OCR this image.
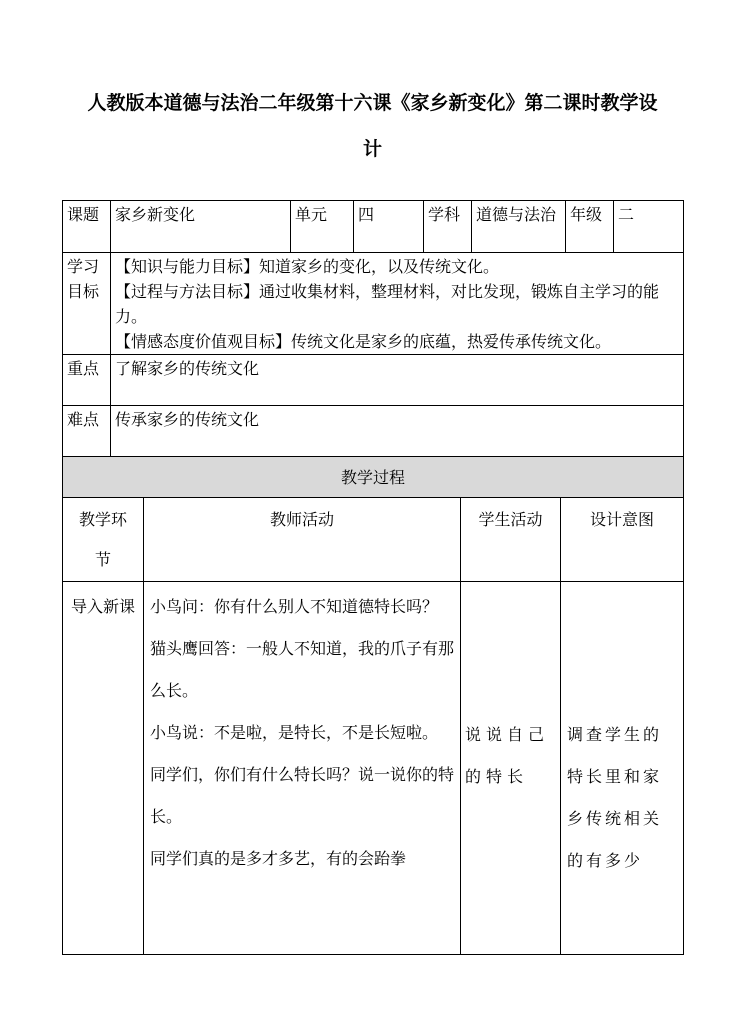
人教版本道德与法治二年级第十六课《家乡新变化》第二课时教学设
计
课题	家乡新变化	单元	四	学科	道德与法治	年级	二
学习目标	【知识与能力目标】知道家乡的变化，以及传统文化。

【过程与方法目标】通过收集材料，整理材料，对比发现，锻炼自主学习的能力。

【情感态度价值观目标】传统文化是家乡的底蕴，热爱传承传统文化。						

重点	了解家乡的传统文化						
难点	传承家乡的传统文化						
教学过程			
教学环节	教师活动	学生活动	设计意图
导入新课	小鸟问：你有什么别人不知道德特长吗？

猫头鹰回答：一般人不知道，我的爪子有那么长。

小鸟说：不是啦，是特长，不是长短啦。

同学们，你们有什么特长吗？说一说你的特长。

同学们真的是多才多艺，有的会跆拳	说说自己的特长	调查学生的特长里和家乡传统相关的有多少
